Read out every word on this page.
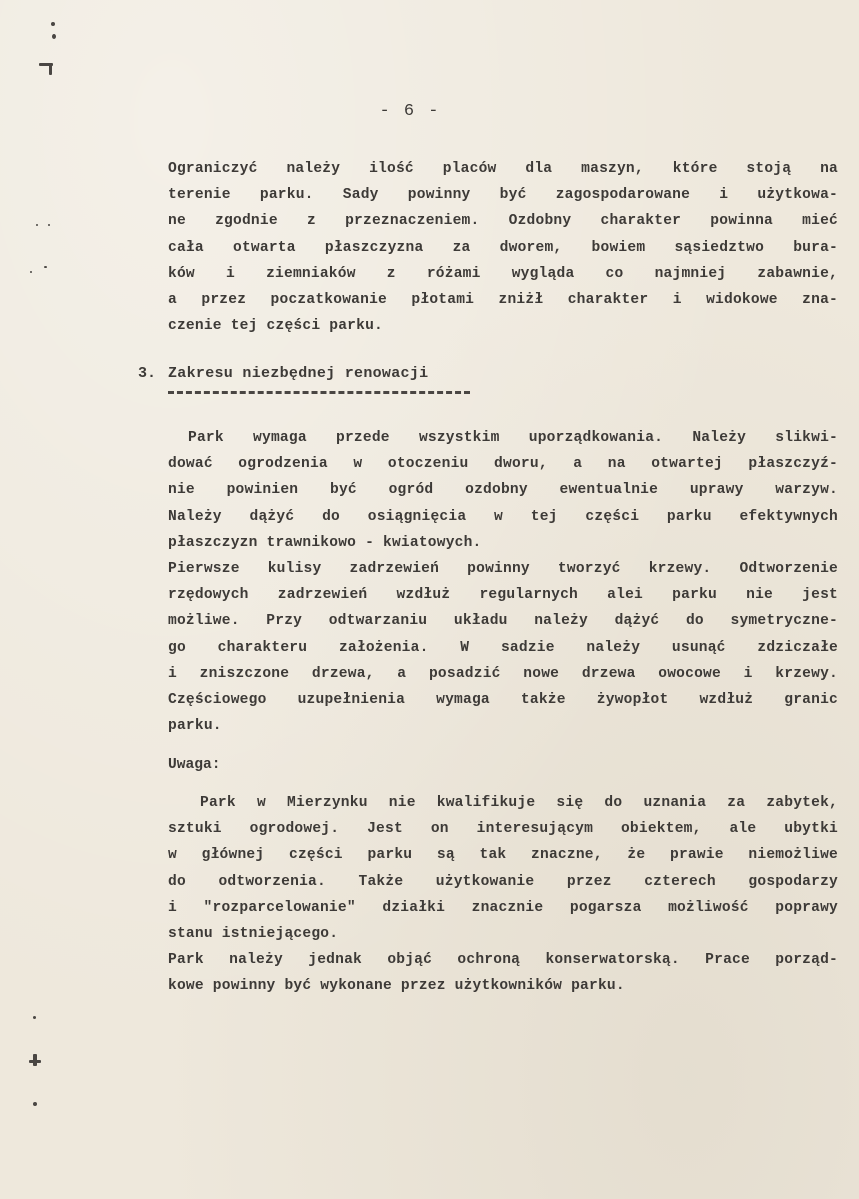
- 6 -
Ograniczyć należy ilość placów dla maszyn, które stoją na
terenie parku. Sady powinny być zagospodarowane i użytkowa-
ne zgodnie z przeznaczeniem. Ozdobny charakter powinna mieć
cała otwarta płaszczyzna za dworem, bowiem sąsiedztwo bura-
ków i ziemniaków z różami wygląda co najmniej zabawnie,
a przez poczatkowanie płotami zniżł charakter i widokowe zna-
czenie tej części parku.
3. Zakresu niezbędnej renowacji
Park wymaga przede wszystkim uporządkowania. Należy slikwi-
dować ogrodzenia w otoczeniu dworu, a na otwartej płaszczyź-
nie powinien być ogród ozdobny ewentualnie uprawy warzyw.
Należy dążyć do osiągnięcia w tej części parku efektywnych
płaszczyzn trawnikowo - kwiatowych.
Pierwsze kulisy zadrzewień powinny tworzyć krzewy. Odtworzenie
rzędowych zadrzewień wzdłuż regularnych alei parku nie jest
możliwe. Przy odtwarzaniu układu należy dążyć do symetryczne-
go charakteru założenia. W sadzie należy usunąć zdziczałe
i zniszczone drzewa, a posadzić nowe drzewa owocowe i krzewy.
Częściowego uzupełnienia wymaga także żywopłot wzdłuż granic
parku.
Uwaga:
Park w Mierzynku nie kwalifikuje się do uznania za zabytek,
sztuki ogrodowej. Jest on interesującym obiektem, ale ubytki
w głównej części parku są tak znaczne, że prawie niemożliwe
do odtworzenia. Także użytkowanie przez czterech gospodarzy
i "rozparcelowanie" działki znacznie pogarsza możliwość poprawy
stanu istniejącego.
Park należy jednak objąć ochroną konserwatorską. Prace porząd-
kowe powinny być wykonane przez użytkowników parku.
